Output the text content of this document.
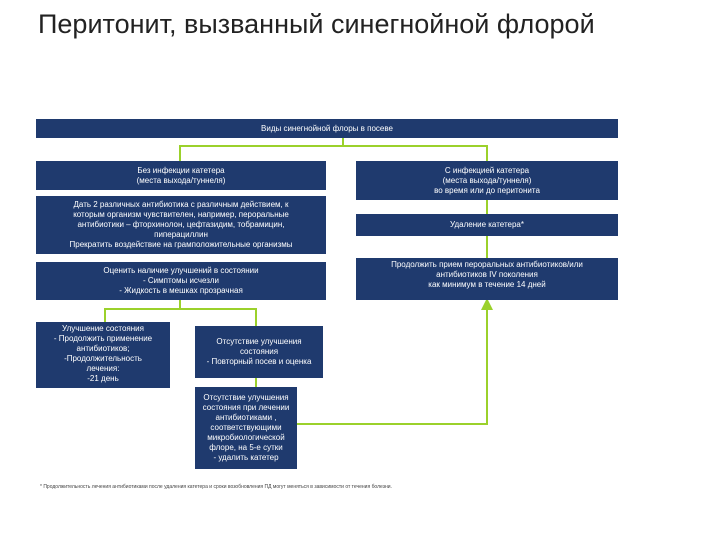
Перитонит, вызванный синегнойной флорой
Виды синегнойной флоры в посеве
Без инфекции катетера
(места выхода/туннеля)
Дать 2 различных антибиотика с различным действием, к
которым организм чувствителен, например, пероральные
антибиотики – фторхинолон, цефтазидим, тобрамицин,
пиперациллин
Прекратить воздействие на грамположительные организмы
Оценить наличие улучшений в состоянии
- Симптомы исчезли
- Жидкость в мешках прозрачная
Улучшение состояния
- Продолжить применение
антибиотиков;
-Продолжительность
лечения:
-21 день
Отсутствие улучшения
состояния
- Повторный посев и оценка
Отсутствие улучшения
состояния при лечении
антибиотиками ,
соответствующими
микробиологической
флоре, на 5-е сутки
- удалить катетер
С инфекцией катетера
(места выхода/туннеля)
во время или до перитонита
Удаление катетера*
Продолжить прием пероральных антибиотиков/или
антибиотиков IV поколения
как минимум в течение 14 дней
* Продолжительность лечения антибиотиками после удаления катетера и сроки возобновления ПД могут меняться в зависимости от течения болезни.
